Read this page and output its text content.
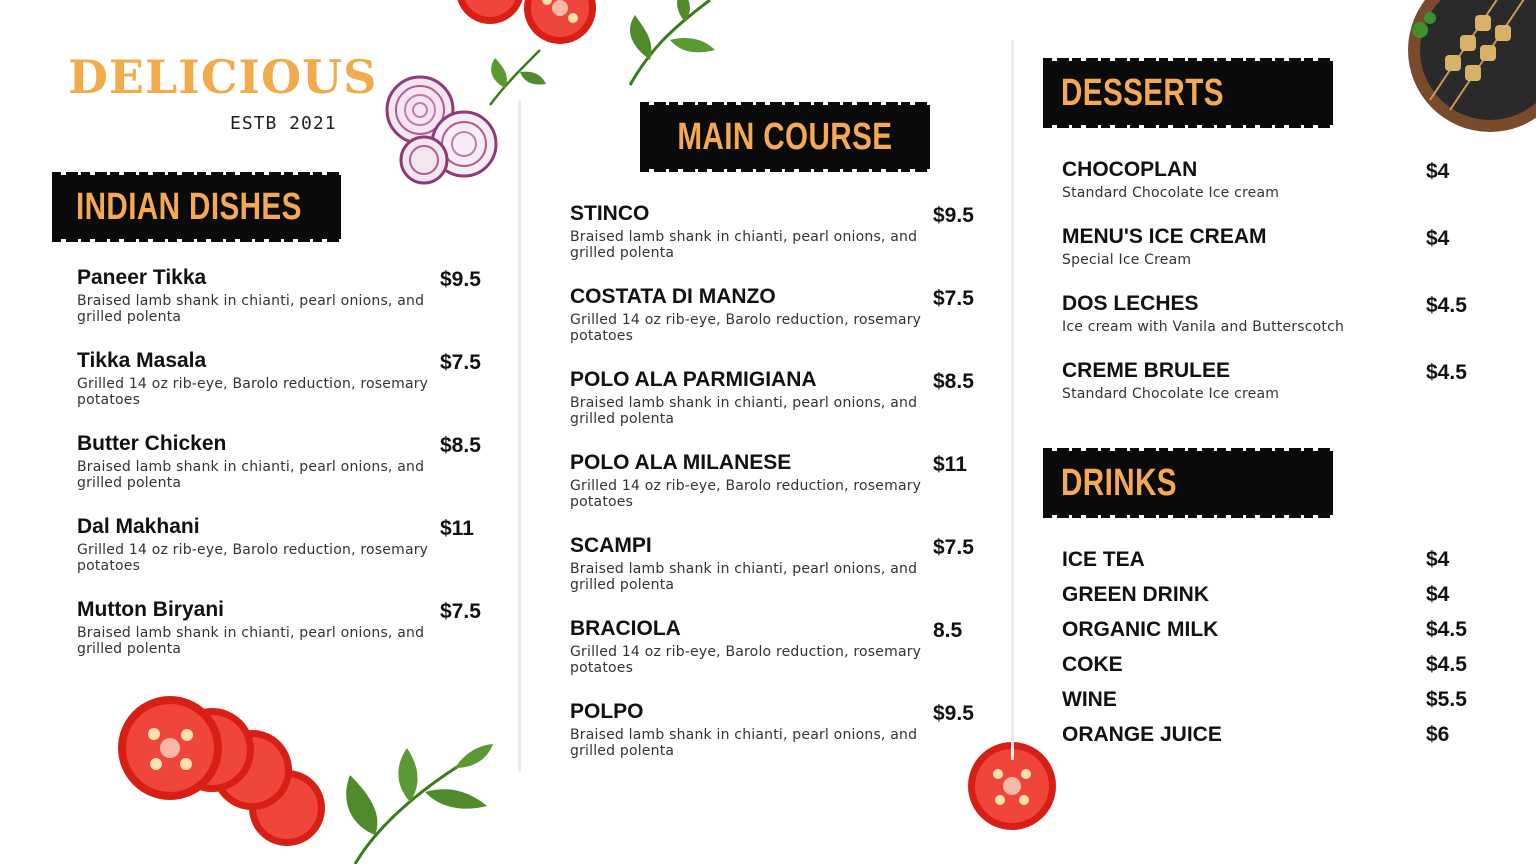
DELICIOUS
ESTB 2021
INDIAN DISHES
MAIN COURSE
DESSERTS
DRINKS
Paneer Tikka
Braised lamb shank in chianti, pearl onions, and grilled polenta
$9.5
Tikka Masala
Grilled 14 oz rib-eye, Barolo reduction, rosemary potatoes
$7.5
Butter Chicken
Braised lamb shank in chianti, pearl onions, and grilled polenta
$8.5
Dal Makhani
Grilled 14 oz rib-eye, Barolo reduction, rosemary potatoes
$11
Mutton Biryani
Braised lamb shank in chianti, pearl onions, and grilled polenta
$7.5
STINCO
Braised lamb shank in chianti, pearl onions, and grilled polenta
$9.5
COSTATA DI MANZO
Grilled 14 oz rib-eye, Barolo reduction, rosemary potatoes
$7.5
POLO ALA PARMIGIANA
Braised lamb shank in chianti, pearl onions, and grilled polenta
$8.5
POLO ALA MILANESE
Grilled 14 oz rib-eye, Barolo reduction, rosemary potatoes
$11
SCAMPI
Braised lamb shank in chianti, pearl onions, and grilled polenta
$7.5
BRACIOLA
Grilled 14 oz rib-eye, Barolo reduction, rosemary potatoes
8.5
POLPO
Braised lamb shank in chianti, pearl onions, and grilled polenta
$9.5
CHOCOPLAN
Standard Chocolate Ice cream
$4
MENU'S ICE CREAM
Special Ice Cream
$4
DOS LECHES
Ice cream with Vanila and Butterscotch
$4.5
CREME BRULEE
Standard Chocolate Ice cream
$4.5
ICE TEA	$4
GREEN DRINK	$4
ORGANIC MILK	$4.5
COKE	$4.5
WINE	$5.5
ORANGE JUICE	$6
